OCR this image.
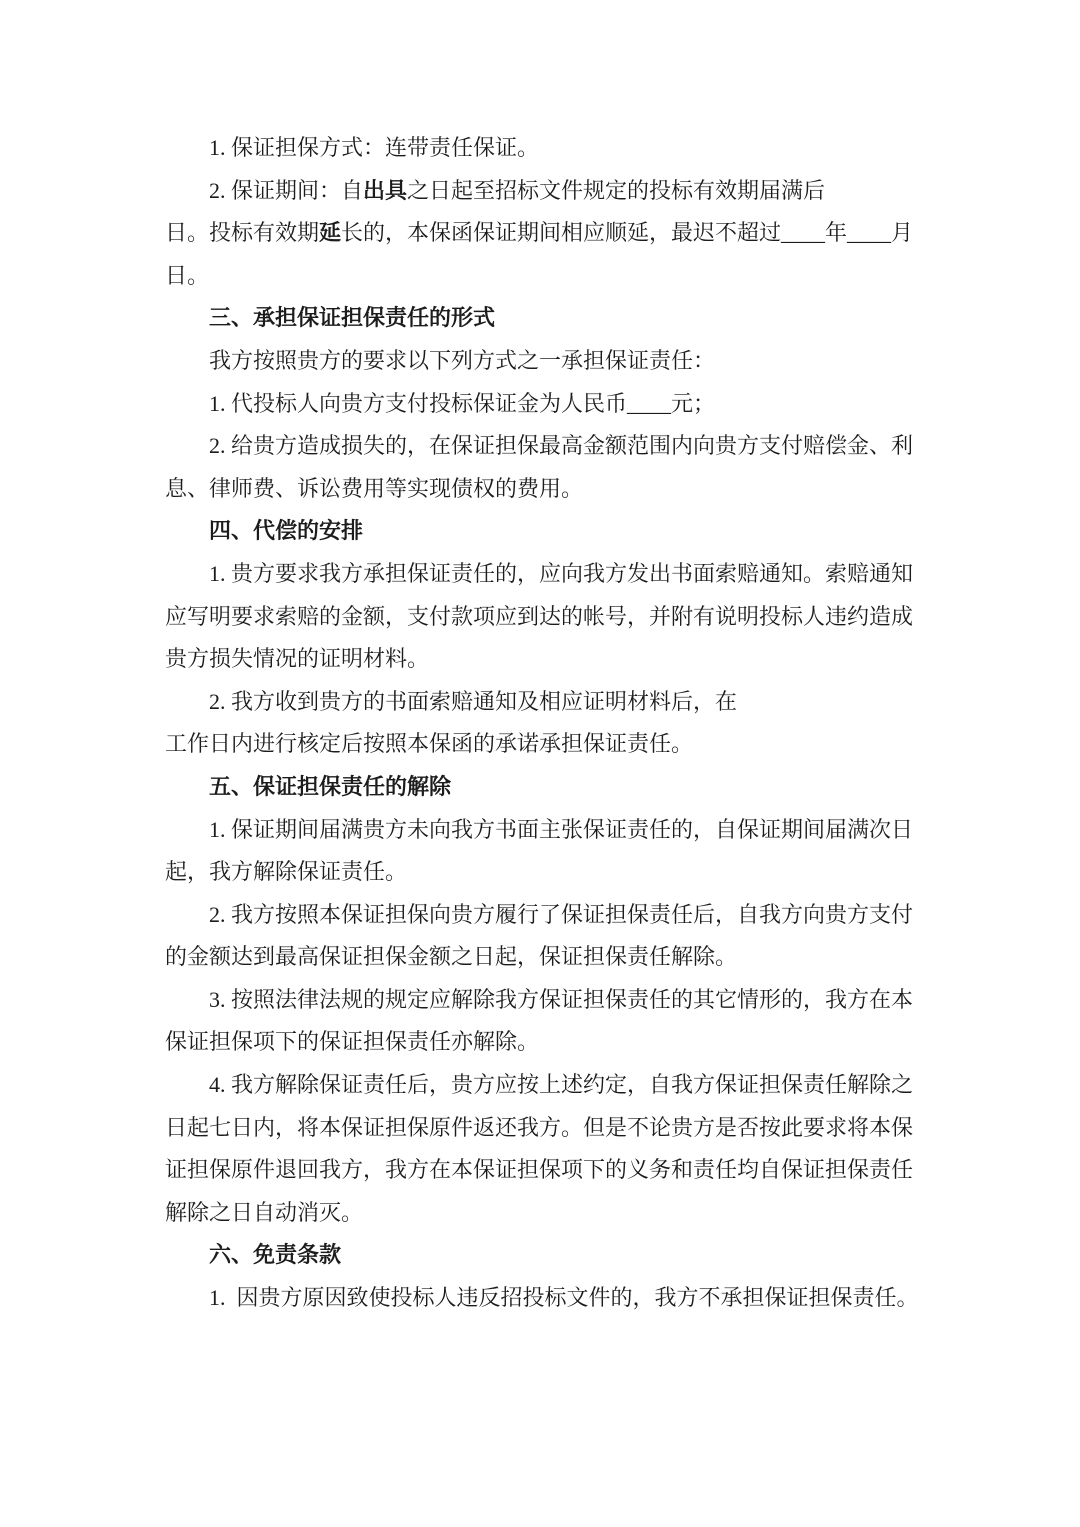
1. 保证担保方式：连带责任保证。
2. 保证期间：自出具之日起至招标文件规定的投标有效期届满后
日。投标有效期延长的，本保函保证期间相应顺延，最迟不超过____年____月
日。
三、承担保证担保责任的形式
我方按照贵方的要求以下列方式之一承担保证责任：
1. 代投标人向贵方支付投标保证金为人民币____元；
2. 给贵方造成损失的，在保证担保最高金额范围内向贵方支付赔偿金、利
息、律师费、诉讼费用等实现债权的费用。
四、代偿的安排
1. 贵方要求我方承担保证责任的，应向我方发出书面索赔通知。索赔通知
应写明要求索赔的金额，支付款项应到达的帐号，并附有说明投标人违约造成
贵方损失情况的证明材料。
2. 我方收到贵方的书面索赔通知及相应证明材料后，在
工作日内进行核定后按照本保函的承诺承担保证责任。
五、保证担保责任的解除
1. 保证期间届满贵方未向我方书面主张保证责任的，自保证期间届满次日
起，我方解除保证责任。
2. 我方按照本保证担保向贵方履行了保证担保责任后，自我方向贵方支付
的金额达到最高保证担保金额之日起，保证担保责任解除。
3. 按照法律法规的规定应解除我方保证担保责任的其它情形的，我方在本
保证担保项下的保证担保责任亦解除。
4. 我方解除保证责任后，贵方应按上述约定，自我方保证担保责任解除之
日起七日内，将本保证担保原件返还我方。但是不论贵方是否按此要求将本保
证担保原件退回我方，我方在本保证担保项下的义务和责任均自保证担保责任
解除之日自动消灭。
六、免责条款
1.  因贵方原因致使投标人违反招投标文件的，我方不承担保证担保责任。
